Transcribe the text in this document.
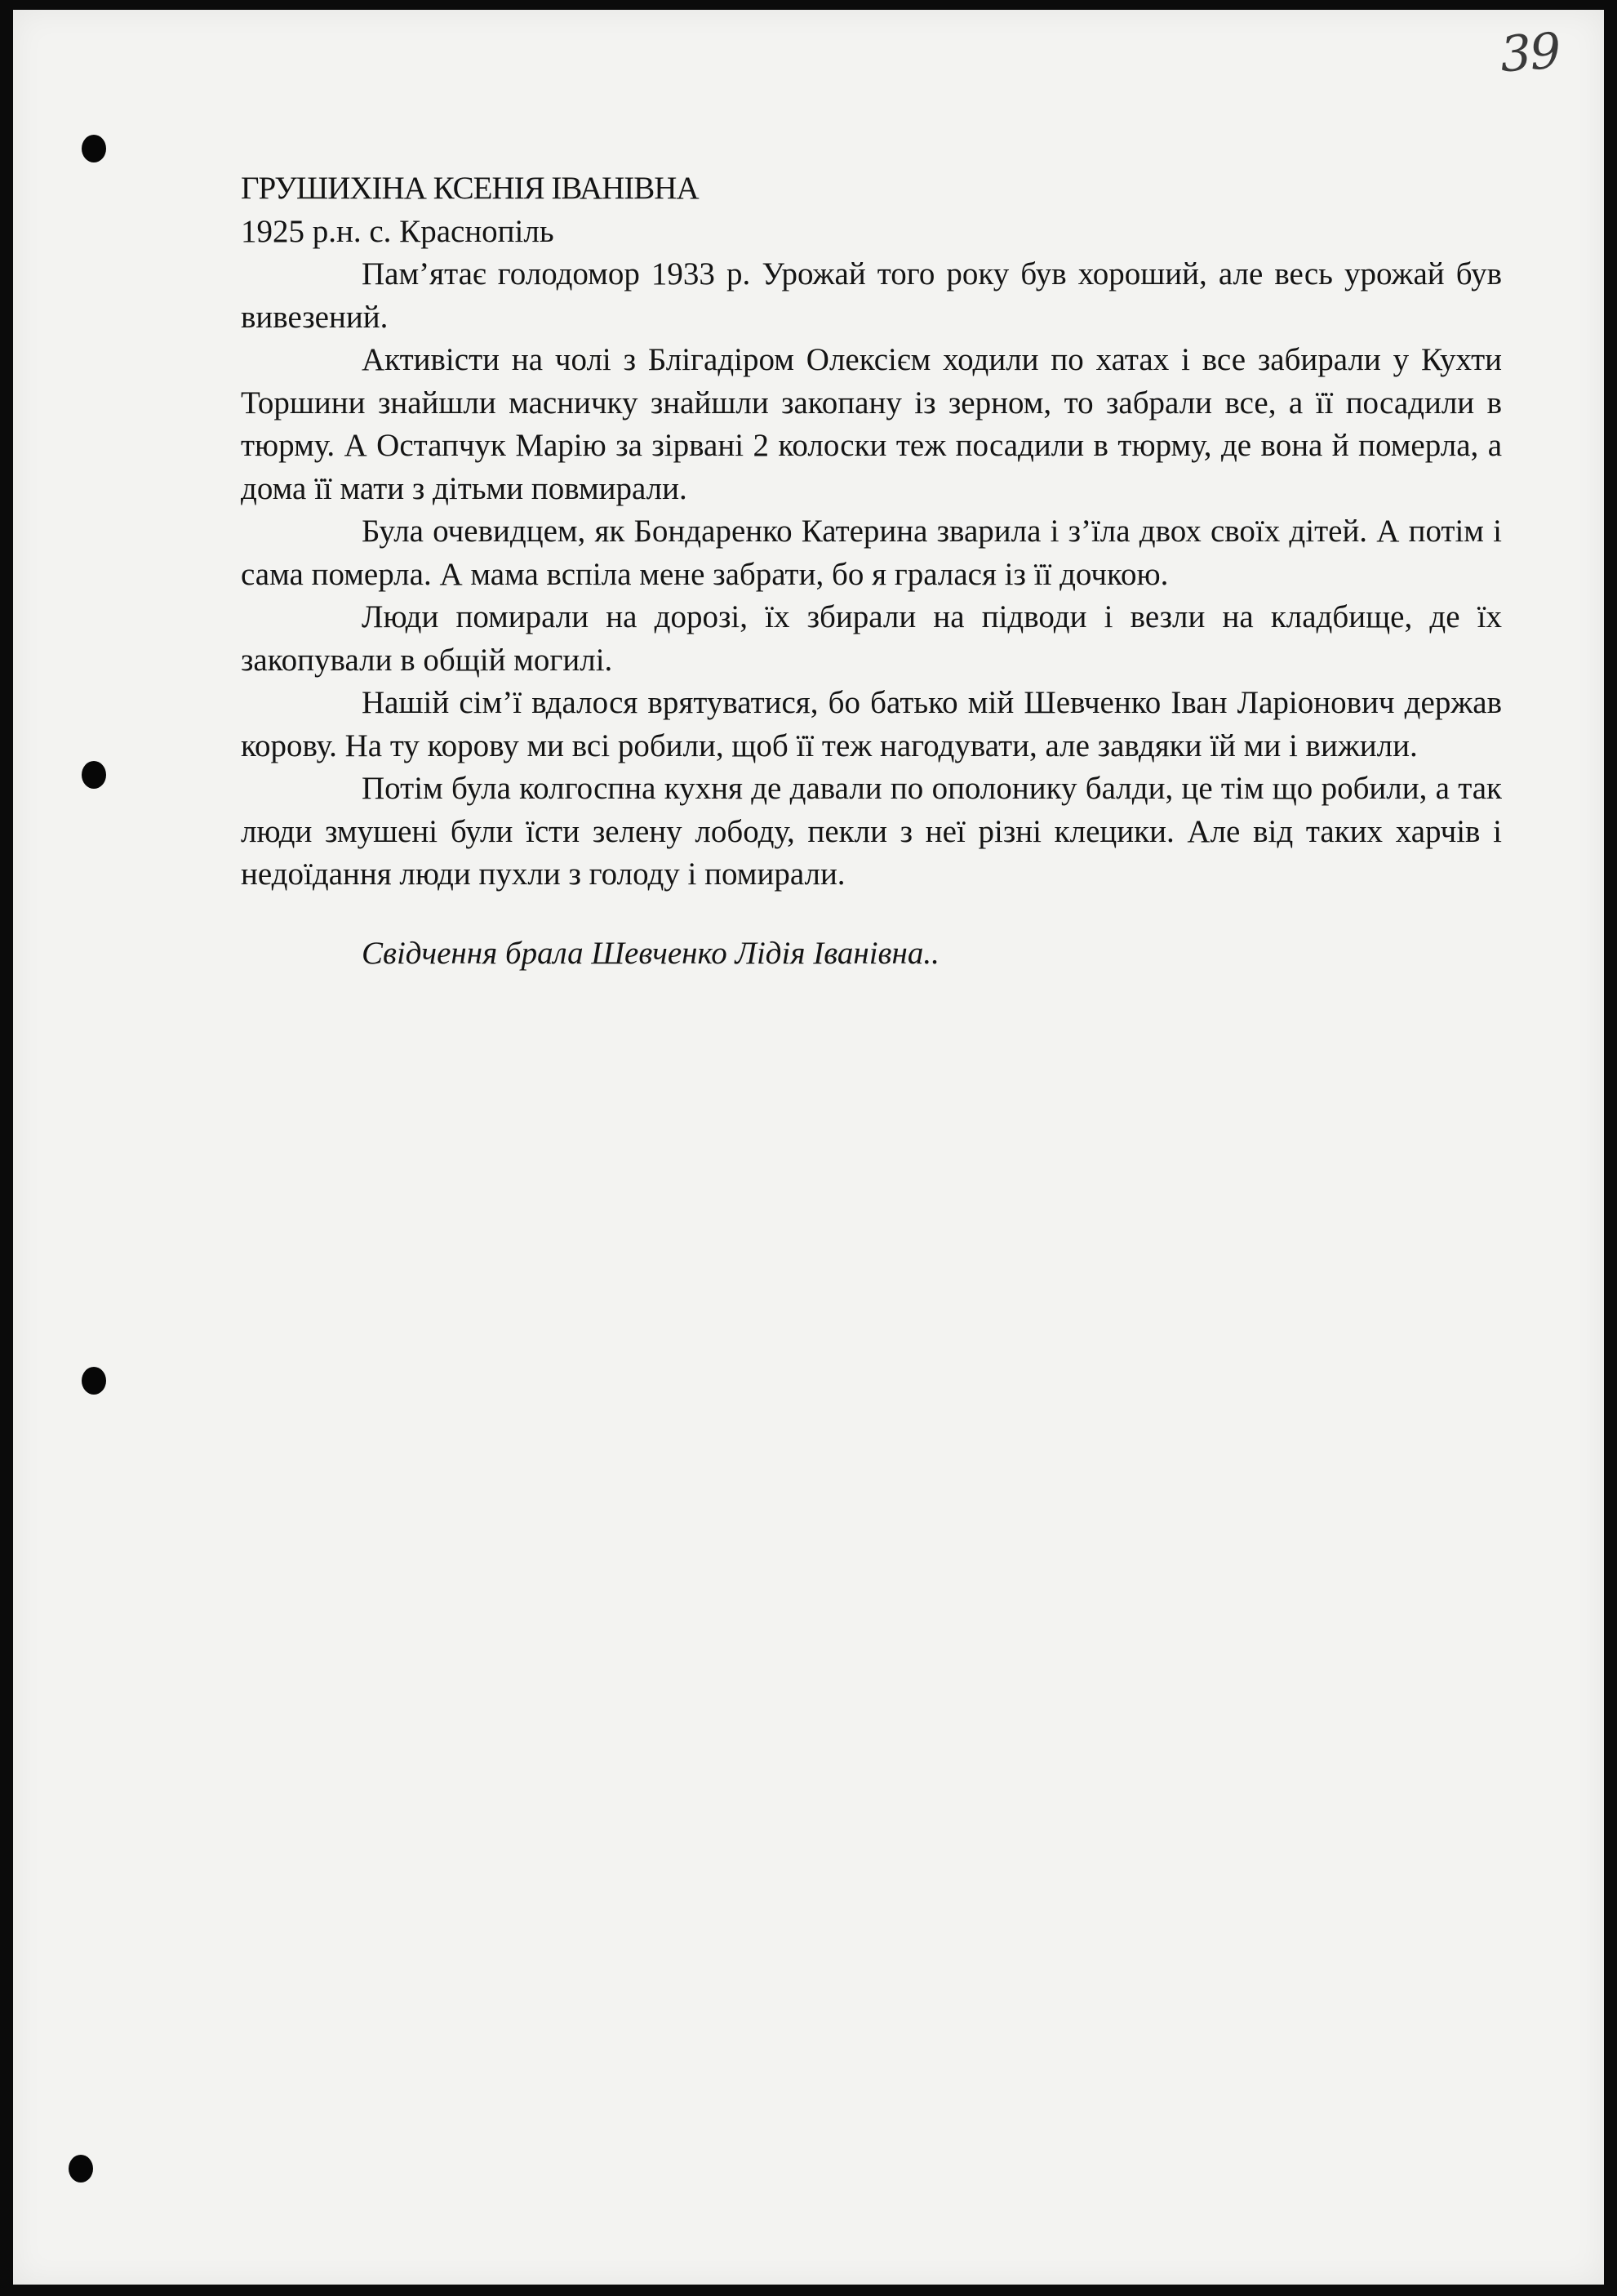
39

ГРУШИХІНА КСЕНІЯ ІВАНІВНА

1925 р.н. с. Краснопіль

Пам’ятає голодомор 1933 р. Урожай того року був хороший, але весь урожай був вивезений.

Активісти на чолі з Блігадіром Олексієм ходили по хатах і все забирали у Кухти Торшини знайшли масничку знайшли закопану із зерном, то забрали все, а її посадили в тюрму. А Остапчук Марію за зірвані 2 колоски теж посадили в тюрму, де вона й померла, а дома її мати з дітьми повмирали.

Була очевидцем, як Бондаренко Катерина зварила і з’їла двох своїх дітей. А потім і сама померла. А мама вспіла мене забрати, бо я гралася із її дочкою.

Люди помирали на дорозі, їх збирали на підводи і везли на кладбище, де їх закопували в общій могилі.

Нашій сім’ї вдалося врятуватися, бо батько мій Шевченко Іван Ларіонович держав корову. На ту корову ми всі робили, щоб її теж нагодувати, але завдяки їй ми і вижили.

Потім була колгоспна кухня де давали по ополонику балди, це тім що робили, а так люди змушені були їсти зелену лободу, пекли з неї різні клецики. Але від таких харчів і недоїдання люди пухли з голоду і помирали.

Свідчення брала Шевченко Лідія Іванівна..
